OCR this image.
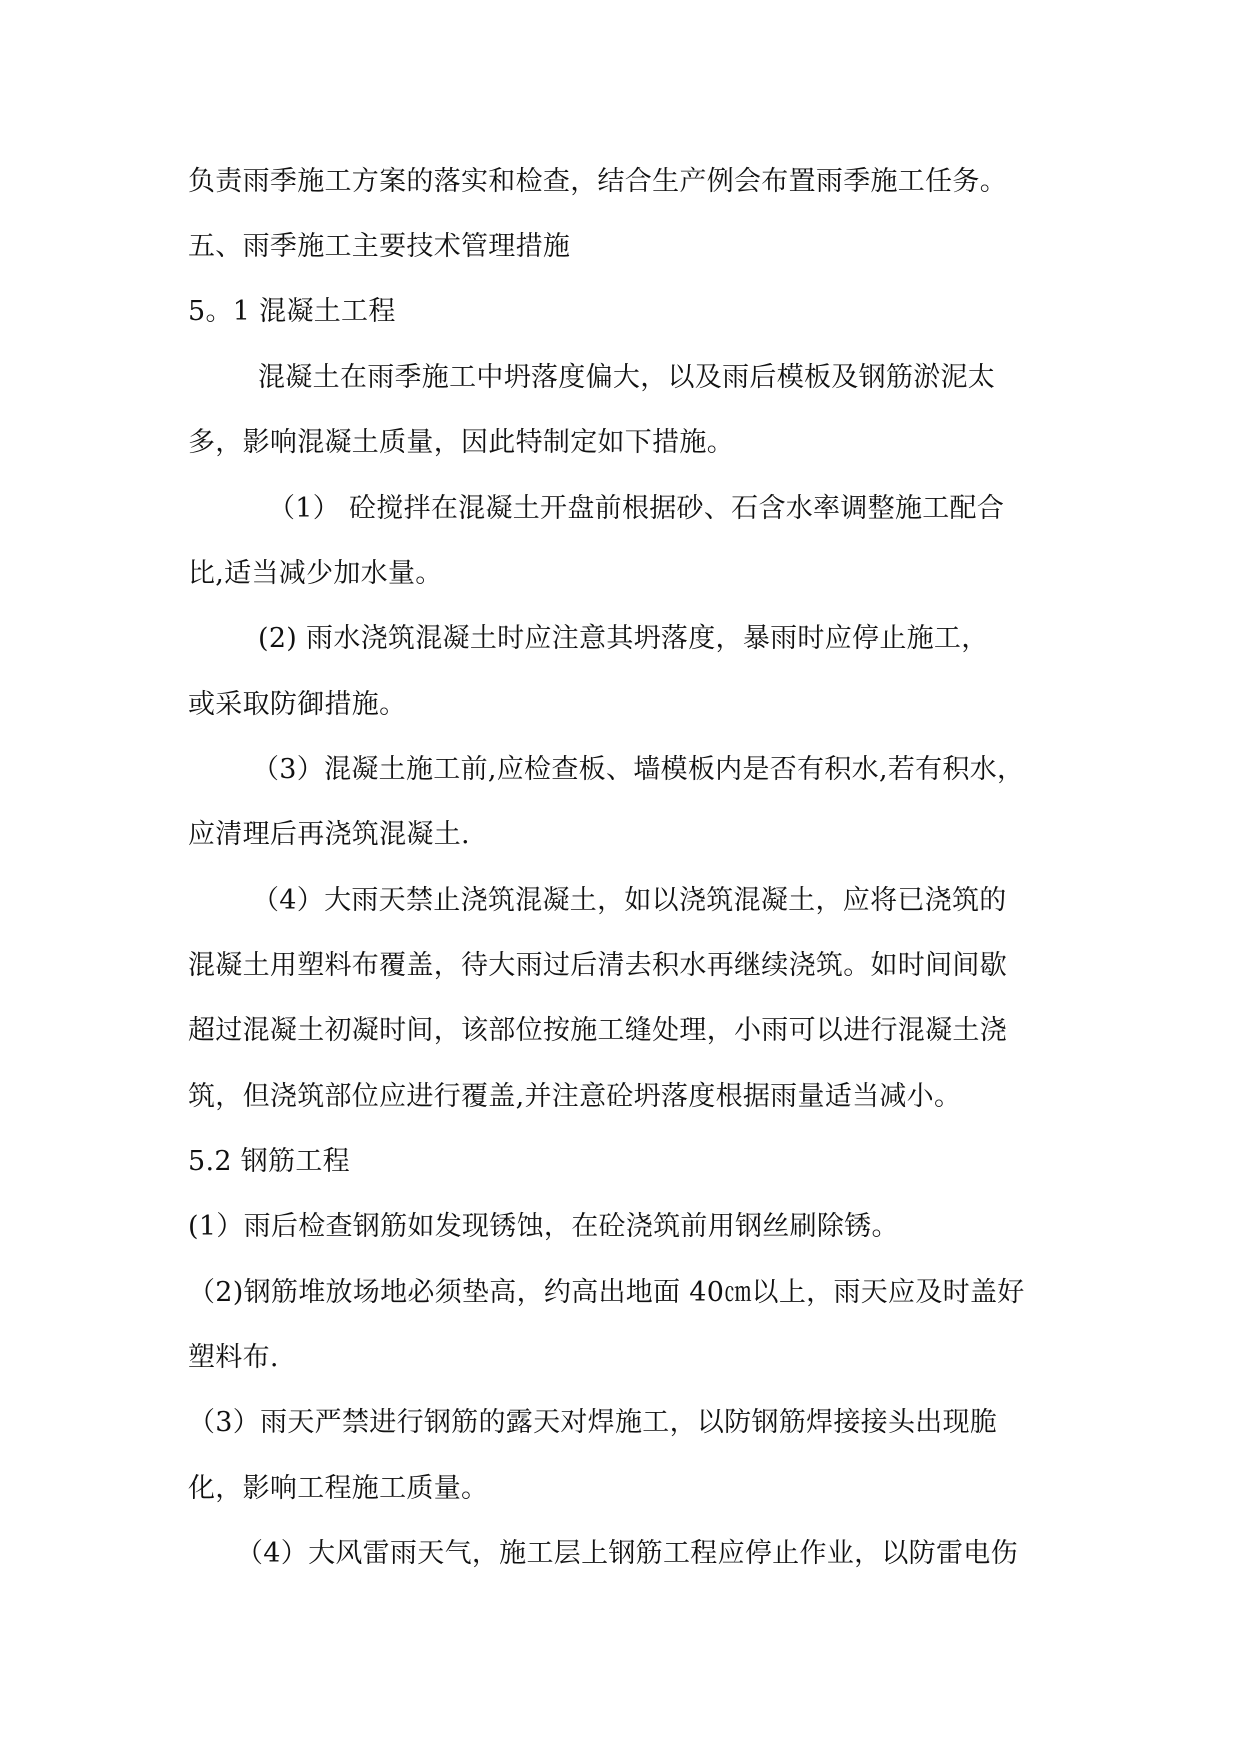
负责雨季施工方案的落实和检查，结合生产例会布置雨季施工任务。
五、雨季施工主要技术管理措施
5。1 混凝土工程
混凝土在雨季施工中坍落度偏大，以及雨后模板及钢筋淤泥太
多，影响混凝土质量，因此特制定如下措施。
（1） 砼搅拌在混凝土开盘前根据砂、石含水率调整施工配合
比,适当减少加水量。
(2) 雨水浇筑混凝土时应注意其坍落度，暴雨时应停止施工，
或采取防御措施。
（3）混凝土施工前,应检查板、墙模板内是否有积水,若有积水，
应清理后再浇筑混凝土.
（4）大雨天禁止浇筑混凝土，如以浇筑混凝土，应将已浇筑的
混凝土用塑料布覆盖，待大雨过后清去积水再继续浇筑。如时间间歇
超过混凝土初凝时间，该部位按施工缝处理，小雨可以进行混凝土浇
筑，但浇筑部位应进行覆盖,并注意砼坍落度根据雨量适当减小。
5.2 钢筋工程
(1）雨后检查钢筋如发现锈蚀，在砼浇筑前用钢丝刷除锈。
（2)钢筋堆放场地必须垫高，约高出地面 40㎝以上，雨天应及时盖好
塑料布.
（3）雨天严禁进行钢筋的露天对焊施工，以防钢筋焊接接头出现脆
化，影响工程施工质量。
（4）大风雷雨天气，施工层上钢筋工程应停止作业，以防雷电伤
